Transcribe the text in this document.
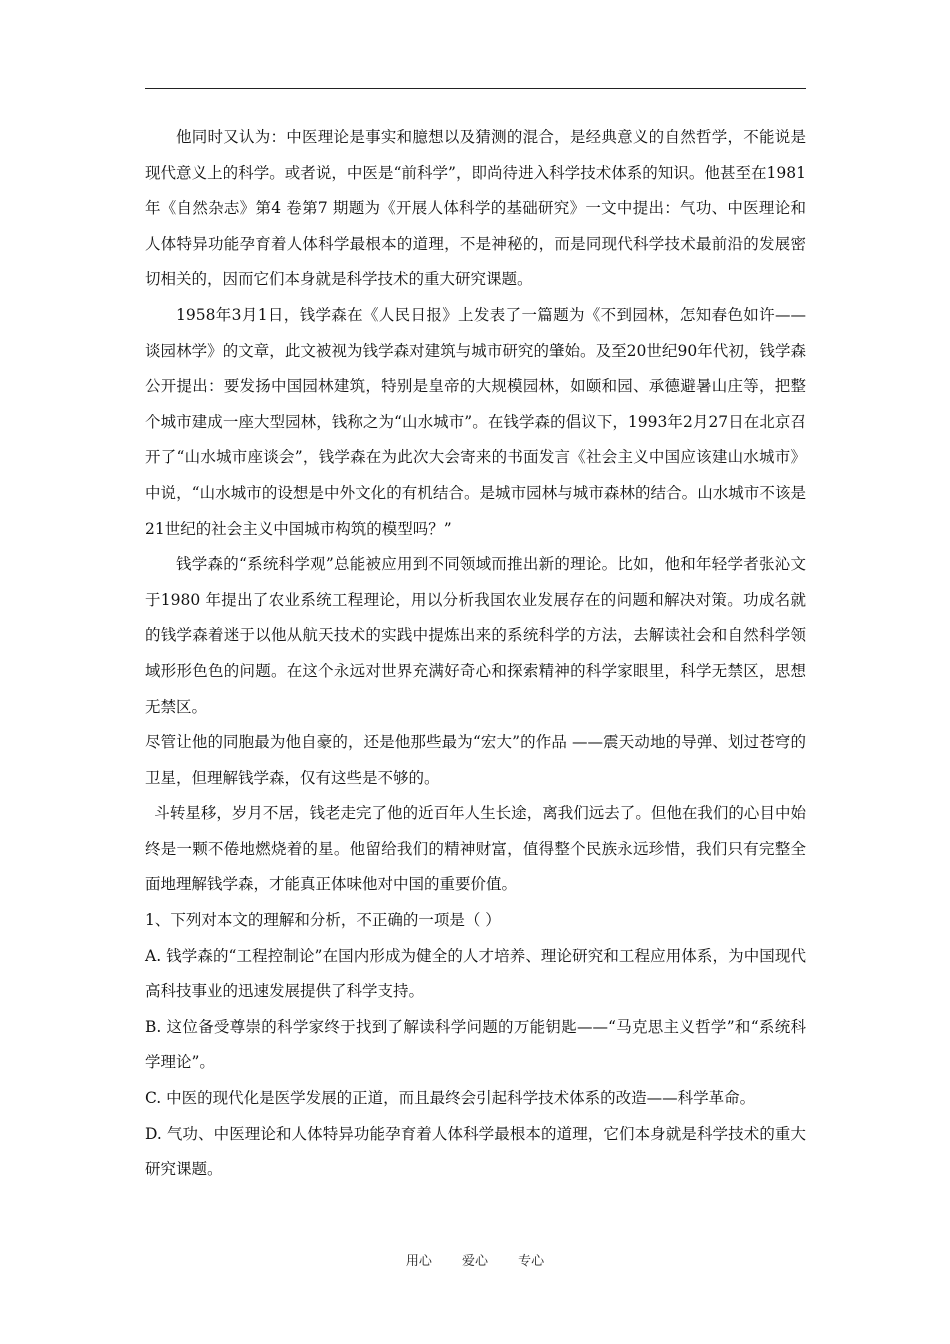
他同时又认为：中医理论是事实和臆想以及猜测的混合，是经典意义的自然哲学，不能说是现代意义上的科学。或者说，中医是“前科学”，即尚待进入科学技术体系的知识。他甚至在1981年《自然杂志》第4 卷第7 期题为《开展人体科学的基础研究》一文中提出：气功、中医理论和人体特异功能孕育着人体科学最根本的道理，不是神秘的，而是同现代科学技术最前沿的发展密切相关的，因而它们本身就是科学技术的重大研究课题。

1958年3月1日，钱学森在《人民日报》上发表了一篇题为《不到园林，怎知春色如许——谈园林学》的文章，此文被视为钱学森对建筑与城市研究的肇始。及至20世纪90年代初，钱学森公开提出：要发扬中国园林建筑，特别是皇帝的大规模园林，如颐和园、承德避暑山庄等，把整个城市建成一座大型园林，钱称之为“山水城市”。在钱学森的倡议下，1993年2月27日在北京召开了“山水城市座谈会”，钱学森在为此次大会寄来的书面发言《社会主义中国应该建山水城市》中说，“山水城市的设想是中外文化的有机结合。是城市园林与城市森林的结合。山水城市不该是21世纪的社会主义中国城市构筑的模型吗？”

钱学森的“系统科学观”总能被应用到不同领域而推出新的理论。比如，他和年轻学者张沁文于1980 年提出了农业系统工程理论，用以分析我国农业发展存在的问题和解决对策。功成名就的钱学森着迷于以他从航天技术的实践中提炼出来的系统科学的方法，去解读社会和自然科学领域形形色色的问题。在这个永远对世界充满好奇心和探索精神的科学家眼里，科学无禁区，思想无禁区。

尽管让他的同胞最为他自豪的，还是他那些最为“宏大”的作品 ——震天动地的导弹、划过苍穹的卫星，但理解钱学森，仅有这些是不够的。

斗转星移，岁月不居，钱老走完了他的近百年人生长途，离我们远去了。但他在我们的心目中始终是一颗不倦地燃烧着的星。他留给我们的精神财富，值得整个民族永远珍惜，我们只有完整全面地理解钱学森，才能真正体味他对中国的重要价值。

1、下列对本文的理解和分析，不正确的一项是（ ）

A. 钱学森的“工程控制论”在国内形成为健全的人才培养、理论研究和工程应用体系，为中国现代高科技事业的迅速发展提供了科学支持。

B. 这位备受尊崇的科学家终于找到了解读科学问题的万能钥匙——“马克思主义哲学”和“系统科学理论”。

C. 中医的现代化是医学发展的正道，而且最终会引起科学技术体系的改造——科学革命。

D. 气功、中医理论和人体特异功能孕育着人体科学最根本的道理，它们本身就是科学技术的重大研究课题。

用心 爱心 专心
